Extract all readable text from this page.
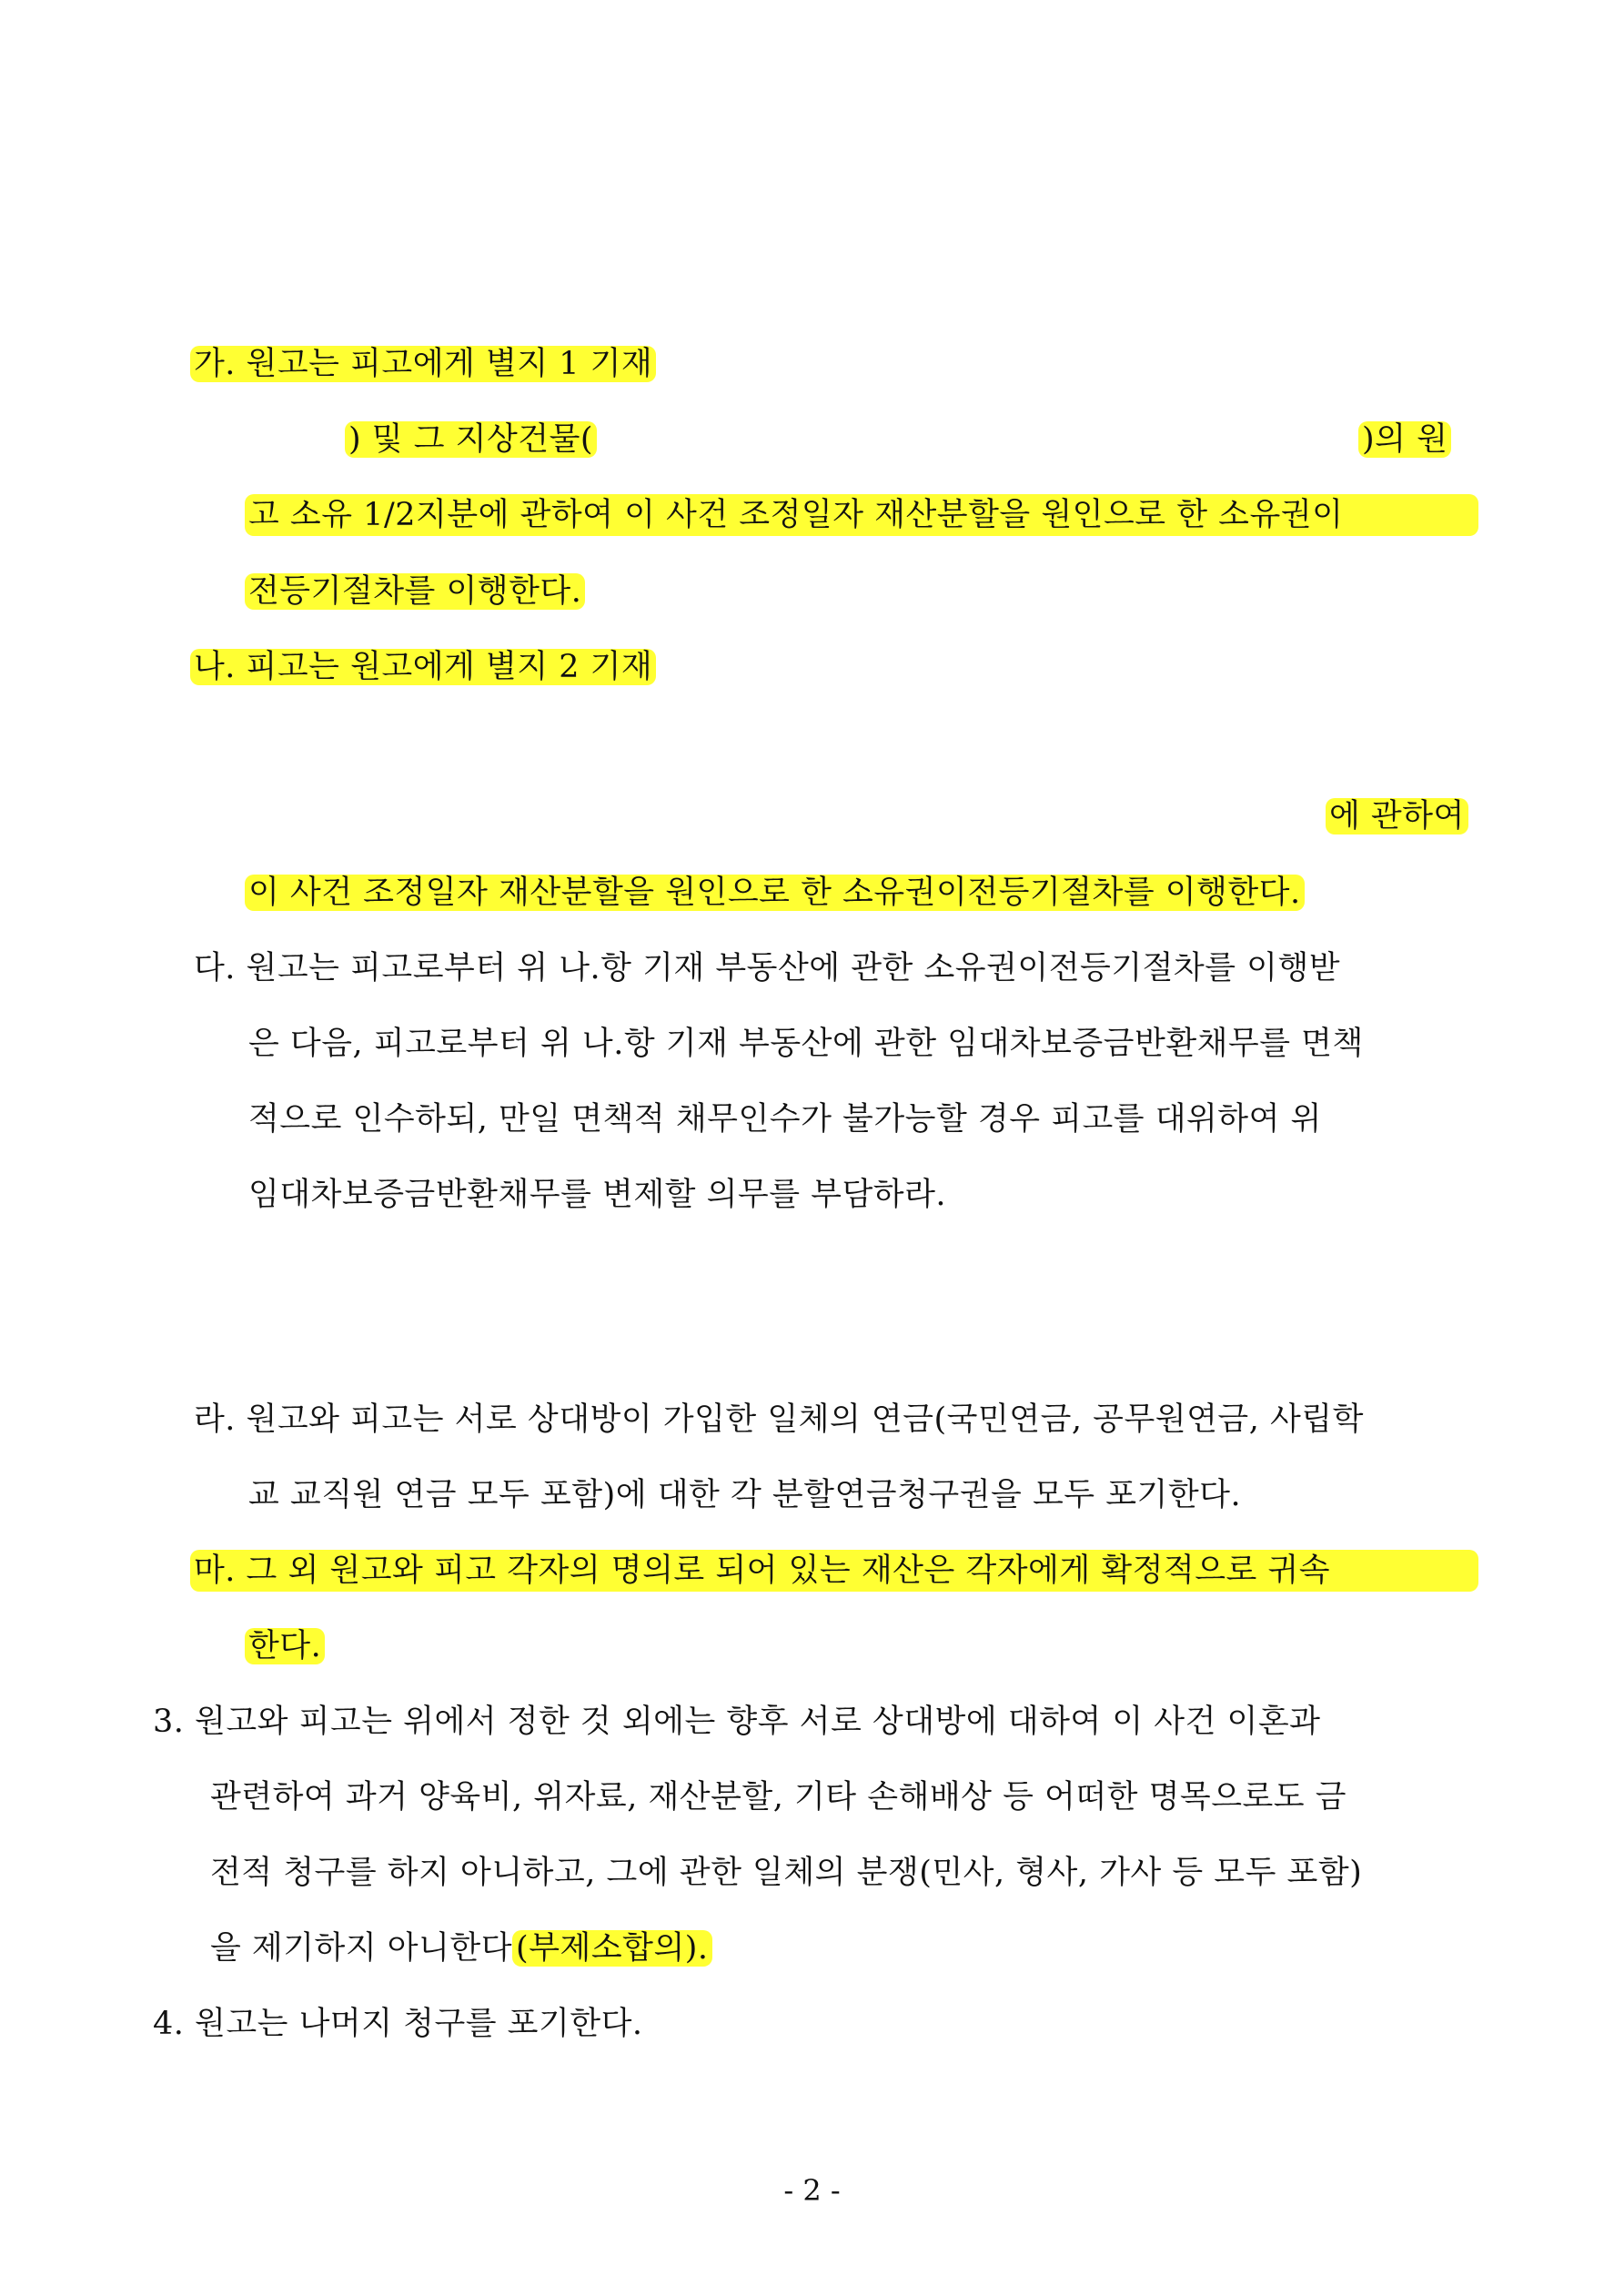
가. 원고는 피고에게 별지 1 기재
) 및 그 지상건물(	)의 원
고 소유 1/2지분에 관하여 이 사건 조정일자 재산분할을 원인으로 한 소유권이
전등기절차를 이행한다.
나. 피고는 원고에게 별지 2 기재
에 관하여
이 사건 조정일자 재산분할을 원인으로 한 소유권이전등기절차를 이행한다.
다. 원고는 피고로부터 위 나.항 기재 부동산에 관한 소유권이전등기절차를 이행받
은 다음, 피고로부터 위 나.항 기재 부동산에 관한 임대차보증금반환채무를 면책
적으로 인수하되, 만일 면책적 채무인수가 불가능할 경우 피고를 대위하여 위
임대차보증금반환채무를 변제할 의무를 부담하라.
라. 원고와 피고는 서로 상대방이 가입한 일체의 연금(국민연금, 공무원연금, 사립학
교 교직원 연금 모두 포함)에 대한 각 분할연금청구권을 모두 포기한다.
마. 그 외 원고와 피고 각자의 명의로 되어 있는 재산은 각자에게 확정적으로 귀속
한다.
3. 원고와 피고는 위에서 정한 것 외에는 향후 서로 상대방에 대하여 이 사건 이혼과
관련하여 과거 양육비, 위자료, 재산분할, 기타 손해배상 등 어떠한 명목으로도 금
전적 청구를 하지 아니하고, 그에 관한 일체의 분쟁(민사, 형사, 가사 등 모두 포함)
을 제기하지 아니한다 (부제소합의).
4. 원고는 나머지 청구를 포기한다.
- 2 -
